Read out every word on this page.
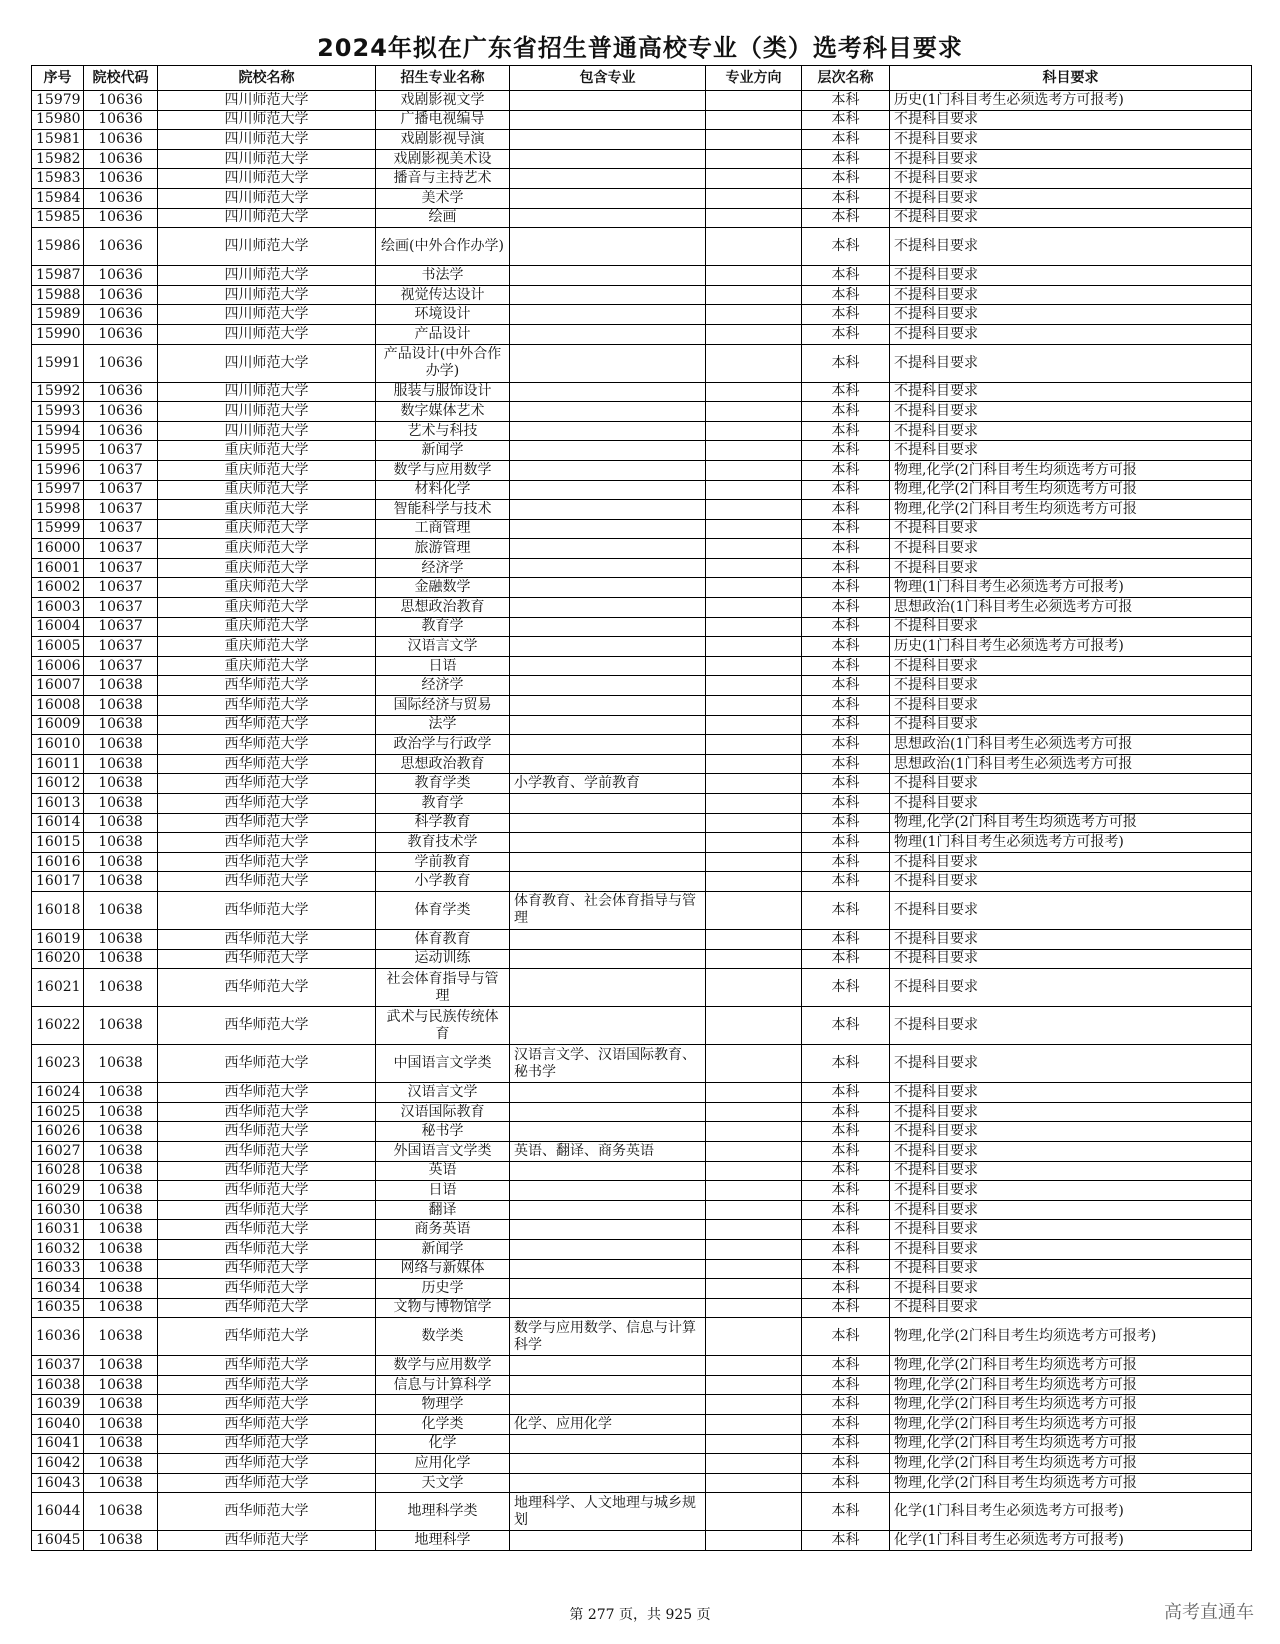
2024年拟在广东省招生普通高校专业（类）选考科目要求
序号	院校代码	院校名称	招生专业名称	包含专业	专业方向	层次名称	科目要求
15979	10636	四川师范大学	戏剧影视文学			本科	历史(1门科目考生必须选考方可报考)
15980	10636	四川师范大学	广播电视编导			本科	不提科目要求
15981	10636	四川师范大学	戏剧影视导演			本科	不提科目要求
15982	10636	四川师范大学	戏剧影视美术设			本科	不提科目要求
15983	10636	四川师范大学	播音与主持艺术			本科	不提科目要求
15984	10636	四川师范大学	美术学			本科	不提科目要求
15985	10636	四川师范大学	绘画			本科	不提科目要求
15986	10636	四川师范大学	绘画(中外合作办学)			本科	不提科目要求
15987	10636	四川师范大学	书法学			本科	不提科目要求
15988	10636	四川师范大学	视觉传达设计			本科	不提科目要求
15989	10636	四川师范大学	环境设计			本科	不提科目要求
15990	10636	四川师范大学	产品设计			本科	不提科目要求
15991	10636	四川师范大学	产品设计(中外合作办学)			本科	不提科目要求
15992	10636	四川师范大学	服装与服饰设计			本科	不提科目要求
15993	10636	四川师范大学	数字媒体艺术			本科	不提科目要求
15994	10636	四川师范大学	艺术与科技			本科	不提科目要求
15995	10637	重庆师范大学	新闻学			本科	不提科目要求
15996	10637	重庆师范大学	数学与应用数学			本科	物理,化学(2门科目考生均须选考方可报
15997	10637	重庆师范大学	材料化学			本科	物理,化学(2门科目考生均须选考方可报
15998	10637	重庆师范大学	智能科学与技术			本科	物理,化学(2门科目考生均须选考方可报
15999	10637	重庆师范大学	工商管理			本科	不提科目要求
16000	10637	重庆师范大学	旅游管理			本科	不提科目要求
16001	10637	重庆师范大学	经济学			本科	不提科目要求
16002	10637	重庆师范大学	金融数学			本科	物理(1门科目考生必须选考方可报考)
16003	10637	重庆师范大学	思想政治教育			本科	思想政治(1门科目考生必须选考方可报
16004	10637	重庆师范大学	教育学			本科	不提科目要求
16005	10637	重庆师范大学	汉语言文学			本科	历史(1门科目考生必须选考方可报考)
16006	10637	重庆师范大学	日语			本科	不提科目要求
16007	10638	西华师范大学	经济学			本科	不提科目要求
16008	10638	西华师范大学	国际经济与贸易			本科	不提科目要求
16009	10638	西华师范大学	法学			本科	不提科目要求
16010	10638	西华师范大学	政治学与行政学			本科	思想政治(1门科目考生必须选考方可报
16011	10638	西华师范大学	思想政治教育			本科	思想政治(1门科目考生必须选考方可报
16012	10638	西华师范大学	教育学类	小学教育、学前教育		本科	不提科目要求
16013	10638	西华师范大学	教育学			本科	不提科目要求
16014	10638	西华师范大学	科学教育			本科	物理,化学(2门科目考生均须选考方可报
16015	10638	西华师范大学	教育技术学			本科	物理(1门科目考生必须选考方可报考)
16016	10638	西华师范大学	学前教育			本科	不提科目要求
16017	10638	西华师范大学	小学教育			本科	不提科目要求
16018	10638	西华师范大学	体育学类	体育教育、社会体育指导与管理		本科	不提科目要求
16019	10638	西华师范大学	体育教育			本科	不提科目要求
16020	10638	西华师范大学	运动训练			本科	不提科目要求
16021	10638	西华师范大学	社会体育指导与管理			本科	不提科目要求
16022	10638	西华师范大学	武术与民族传统体育			本科	不提科目要求
16023	10638	西华师范大学	中国语言文学类	汉语言文学、汉语国际教育、秘书学		本科	不提科目要求
16024	10638	西华师范大学	汉语言文学			本科	不提科目要求
16025	10638	西华师范大学	汉语国际教育			本科	不提科目要求
16026	10638	西华师范大学	秘书学			本科	不提科目要求
16027	10638	西华师范大学	外国语言文学类	英语、翻译、商务英语		本科	不提科目要求
16028	10638	西华师范大学	英语			本科	不提科目要求
16029	10638	西华师范大学	日语			本科	不提科目要求
16030	10638	西华师范大学	翻译			本科	不提科目要求
16031	10638	西华师范大学	商务英语			本科	不提科目要求
16032	10638	西华师范大学	新闻学			本科	不提科目要求
16033	10638	西华师范大学	网络与新媒体			本科	不提科目要求
16034	10638	西华师范大学	历史学			本科	不提科目要求
16035	10638	西华师范大学	文物与博物馆学			本科	不提科目要求
16036	10638	西华师范大学	数学类	数学与应用数学、信息与计算科学		本科	物理,化学(2门科目考生均须选考方可报考)
16037	10638	西华师范大学	数学与应用数学			本科	物理,化学(2门科目考生均须选考方可报
16038	10638	西华师范大学	信息与计算科学			本科	物理,化学(2门科目考生均须选考方可报
16039	10638	西华师范大学	物理学			本科	物理,化学(2门科目考生均须选考方可报
16040	10638	西华师范大学	化学类	化学、应用化学		本科	物理,化学(2门科目考生均须选考方可报
16041	10638	西华师范大学	化学			本科	物理,化学(2门科目考生均须选考方可报
16042	10638	西华师范大学	应用化学			本科	物理,化学(2门科目考生均须选考方可报
16043	10638	西华师范大学	天文学			本科	物理,化学(2门科目考生均须选考方可报
16044	10638	西华师范大学	地理科学类	地理科学、人文地理与城乡规划		本科	化学(1门科目考生必须选考方可报考)
16045	10638	西华师范大学	地理科学			本科	化学(1门科目考生必须选考方可报考)
第 277 页，共 925 页	高考直通车
